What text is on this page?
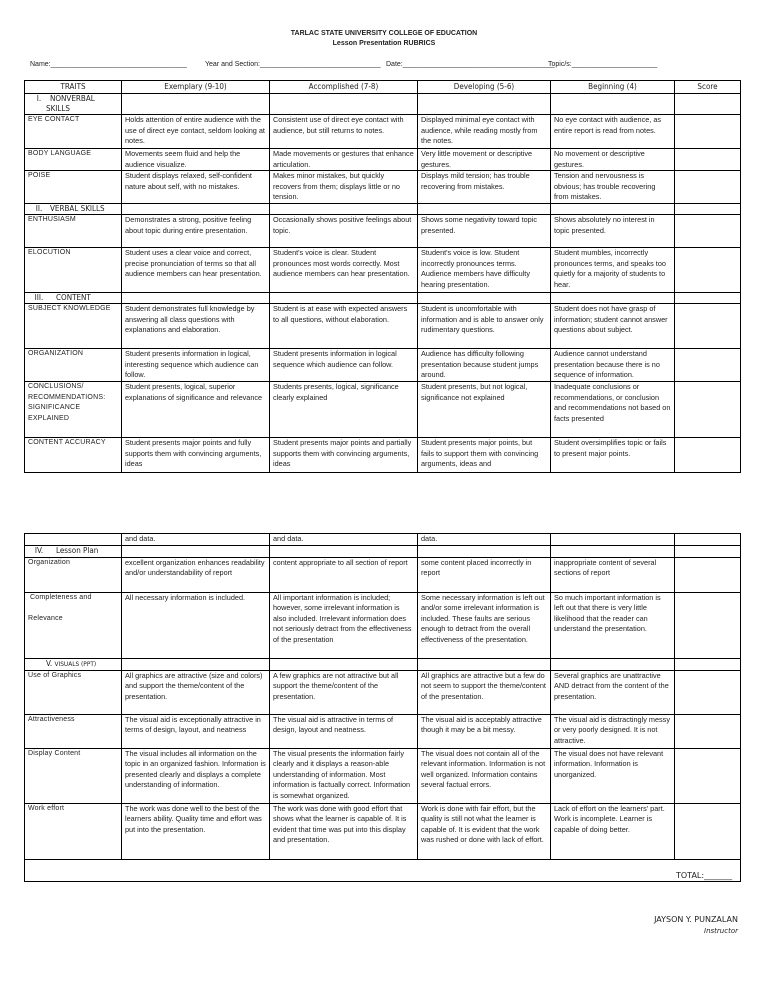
TARLAC STATE UNIVERSITY COLLEGE OF EDUCATION
Lesson Presentation RUBRICS
Name:___________________________________	Year and Section:_______________________________ Date:_______________________________________
Topic/s:______________________
TRAITS	Exemplary (9-10)	Accomplished (7-8)	Developing (5-6)	Beginning (4)	Score
I. NONVERBAL
SKILLS					
EYE CONTACT	Holds attention of entire audience with the use of direct eye contact, seldom looking at notes.	Consistent use of direct eye contact with audience, but still returns to notes.	Displayed minimal eye contact with audience, while reading mostly from the notes.	No eye contact with audience, as entire report is read from notes.	
BODY LANGUAGE	Movements seem fluid and help the audience visualize.	Made movements or gestures that enhance articulation.	Very little movement or descriptive gestures.	No movement or descriptive gestures.	
POISE	Student displays relaxed, self-confident nature about self, with no mistakes.	Makes minor mistakes, but quickly recovers from them; displays little or no tension.	Displays mild tension; has trouble recovering from mistakes.	Tension and nervousness is obvious; has trouble recovering from mistakes.	
II. VERBAL SKILLS					
ENTHUSIASM	Demonstrates a strong, positive feeling about topic during entire presentation.	Occasionally shows positive feelings about topic.	Shows some negativity toward topic presented.	Shows absolutely no interest in topic presented.	
ELOCUTION	Student uses a clear voice and correct, precise pronunciation of terms so that all audience members can hear presentation.	Student's voice is clear. Student pronounces most words correctly. Most audience members can hear presentation.	Student's voice is low. Student incorrectly pronounces terms. Audience members have difficulty hearing presentation.	Student mumbles, incorrectly pronounces terms, and speaks too quietly for a majority of students to hear.	
III. CONTENT					
SUBJECT KNOWLEDGE	Student demonstrates full knowledge by answering all class questions with explanations and elaboration.	Student is at ease with expected answers to all questions, without elaboration.	Student is uncomfortable with information and is able to answer only rudimentary questions.	Student does not have grasp of information; student cannot answer questions about subject.	
ORGANIZATION	Student presents information in logical, interesting sequence which audience can follow.	Student presents information in logical sequence which audience can follow.	Audience has difficulty following presentation because student jumps around.	Audience cannot understand presentation because there is no sequence of information.	
CONCLUSIONS/
RECOMMENDATIONS:
SIGNIFICANCE
EXPLAINED	Student presents, logical, superior explanations of significance and relevance	Students presents, logical, significance clearly explained	Student presents, but not logical, significance not explained	Inadequate conclusions or recommendations, or conclusion and recommendations not based on facts presented	
CONTENT ACCURACY	Student presents major points and fully supports them with convincing arguments, ideas	Student presents major points and partially supports them with convincing arguments, ideas	Student presents major points, but fails to support them with convincing arguments, ideas and	Student oversimplifies topic or fails to present major points.	
	and data.	and data.	data.		
IV. Lesson Plan					
Organization	excellent organization enhances readability and/or understandability of report	content appropriate to all section of report	some content placed incorrectly in report	inappropriate content of several sections of report	
Completeness and

Relevance	All necessary information is included.	All important information is included; however, some irrelevant information is also included. Irrelevant information does not seriously detract from the effectiveness of the presentation	Some necessary information is left out and/or some irrelevant information is included. These faults are serious enough to detract from the overall effectiveness of the presentation.	So much important information is left out that there is very little likelihood that the reader can understand the presentation.	
V. VISUALS (PPT)					
Use of Graphics	All graphics are attractive (size and colors) and support the theme/content of the presentation.	A few graphics are not attractive but all support the theme/content of the presentation.	All graphics are attractive but a few do not seem to support the theme/content of the presentation.	Several graphics are unattractive AND detract from the content of the presentation.	
Attractiveness	The visual aid is exceptionally attractive in terms of design, layout, and neatness	The visual aid is attractive in terms of design, layout and neatness.	The visual aid is acceptably attractive though it may be a bit messy.	The visual aid is distractingly messy or very poorly designed. It is not attractive.	
Display Content	The visual includes all information on the topic in an organized fashion. Information is presented clearly and displays a complete understanding of information.	The visual presents the information fairly clearly and it displays a reason-able understanding of information. Most information is factually correct. Information is somewhat organized.	The visual does not contain all of the relevant information. Information is not well organized. Information contains several factual errors.	The visual does not have relevant information. Information is unorganized.	
Work effort	The work was done well to the best of the learners ability. Quality time and effort was put into the presentation.	The work was done with good effort that shows what the learner is capable of. It is evident that time was put into this display and presentation.	Work is done with fair effort, but the quality is still not what the learner is capable of. It is evident that the work was rushed or done with lack of effort.	Lack of effort on the learners' part. Work is incomplete. Learner is capable of doing better.	

TOTAL:_______
JAYSON Y. PUNZALAN
Instructor
